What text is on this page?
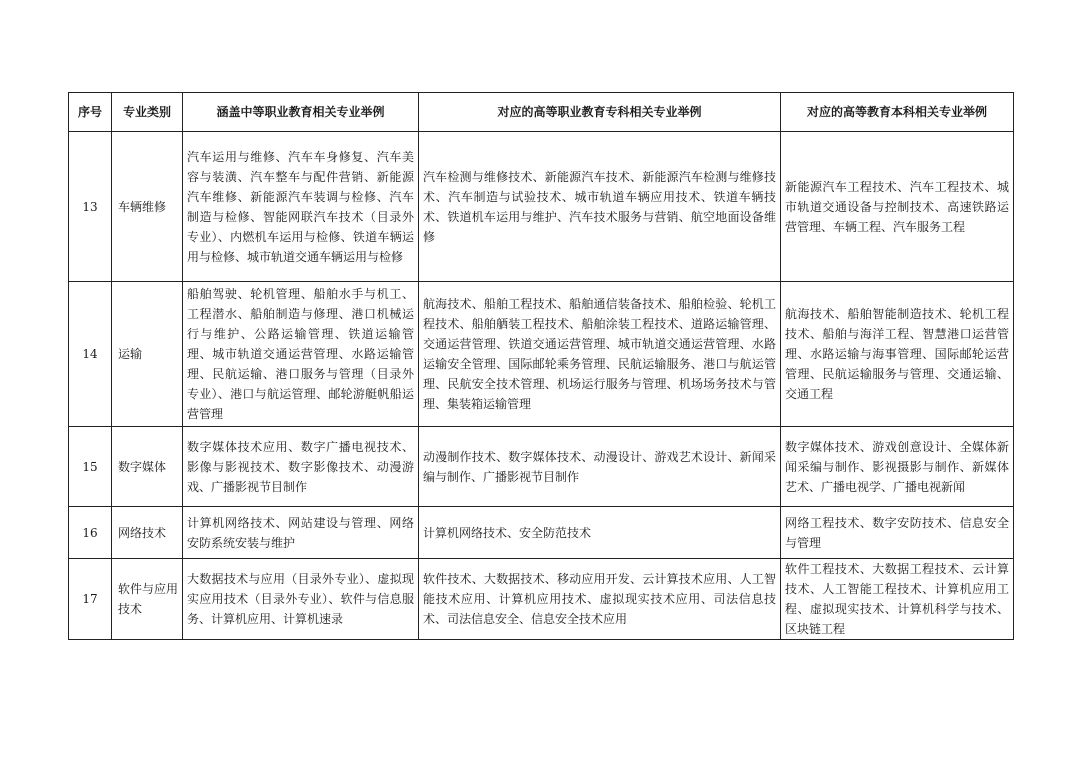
序号	专业类别	涵盖中等职业教育相关专业举例	对应的高等职业教育专科相关专业举例	对应的高等教育本科相关专业举例
13	车辆维修	汽车运用与维修、汽车车身修复、汽车美容与装潢、汽车整车与配件营销、新能源汽车维修、新能源汽车装调与检修、汽车制造与检修、智能网联汽车技术（目录外专业）、内燃机车运用与检修、铁道车辆运用与检修、城市轨道交通车辆运用与检修	汽车检测与维修技术、新能源汽车技术、新能源汽车检测与维修技术、汽车制造与试验技术、城市轨道车辆应用技术、铁道车辆技术、铁道机车运用与维护、汽车技术服务与营销、航空地面设备维修	新能源汽车工程技术、汽车工程技术、城市轨道交通设备与控制技术、高速铁路运营管理、车辆工程、汽车服务工程
14	运输	船舶驾驶、轮机管理、船舶水手与机工、工程潜水、船舶制造与修理、港口机械运行与维护、公路运输管理、铁道运输管理、城市轨道交通运营管理、水路运输管理、民航运输、港口服务与管理（目录外专业）、港口与航运管理、邮轮游艇帆船运营管理	航海技术、船舶工程技术、船舶通信装备技术、船舶检验、轮机工程技术、船舶舾装工程技术、船舶涂装工程技术、道路运输管理、交通运营管理、铁道交通运营管理、城市轨道交通运营管理、水路运输安全管理、国际邮轮乘务管理、民航运输服务、港口与航运管理、民航安全技术管理、机场运行服务与管理、机场场务技术与管理、集装箱运输管理	航海技术、船舶智能制造技术、轮机工程技术、船舶与海洋工程、智慧港口运营管理、水路运输与海事管理、国际邮轮运营管理、民航运输服务与管理、交通运输、交通工程
15	数字媒体	数字媒体技术应用、数字广播电视技术、影像与影视技术、数字影像技术、动漫游戏、广播影视节目制作	动漫制作技术、数字媒体技术、动漫设计、游戏艺术设计、新闻采编与制作、广播影视节目制作	数字媒体技术、游戏创意设计、全媒体新闻采编与制作、影视摄影与制作、新媒体艺术、广播电视学、广播电视新闻
16	网络技术	计算机网络技术、网站建设与管理、网络安防系统安装与维护	计算机网络技术、安全防范技术	网络工程技术、数字安防技术、信息安全与管理
17	软件与应用技术	大数据技术与应用（目录外专业）、虚拟现实应用技术（目录外专业）、软件与信息服务、计算机应用、计算机速录	软件技术、大数据技术、移动应用开发、云计算技术应用、人工智能技术应用、计算机应用技术、虚拟现实技术应用、司法信息技术、司法信息安全、信息安全技术应用	软件工程技术、大数据工程技术、云计算技术、人工智能工程技术、计算机应用工程、虚拟现实技术、计算机科学与技术、区块链工程
